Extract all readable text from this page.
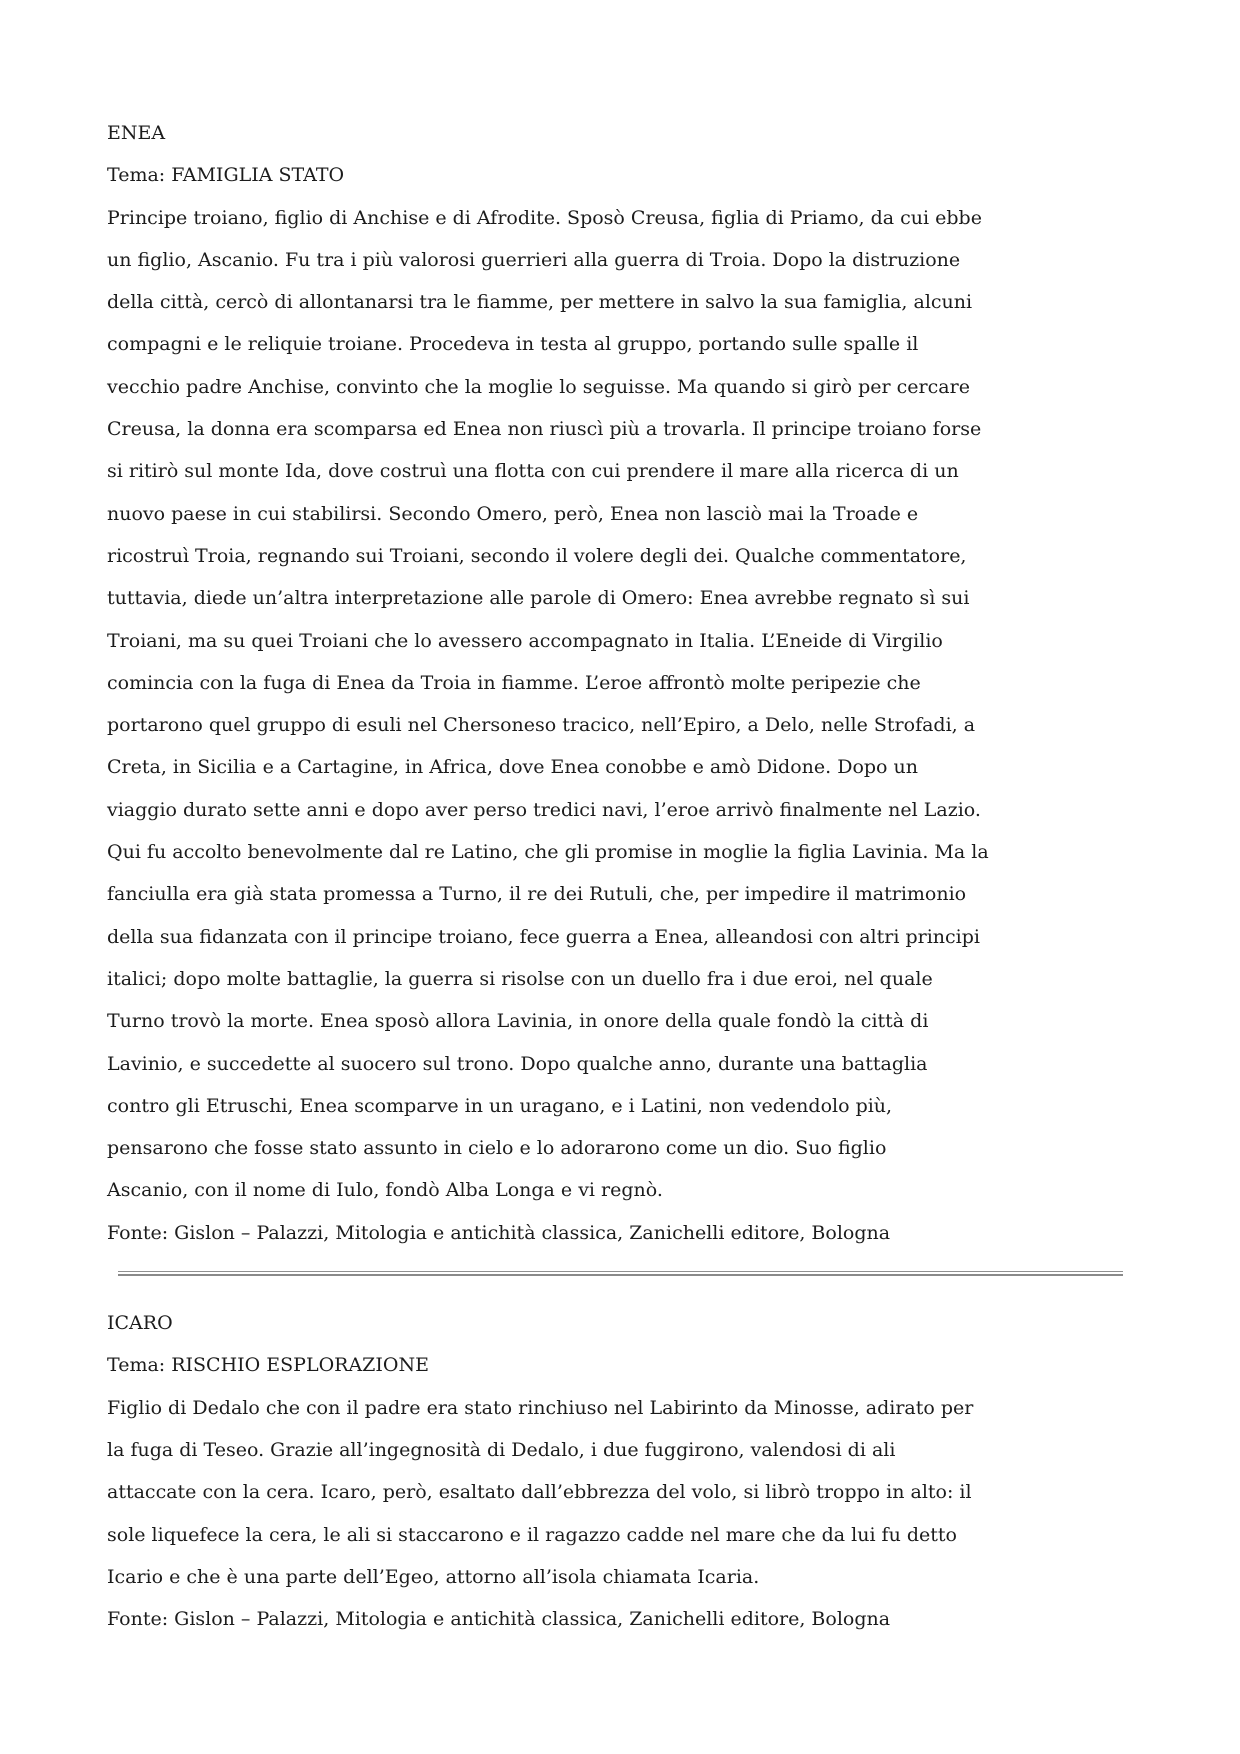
ENEA
Tema: FAMIGLIA STATO
Principe troiano, figlio di Anchise e di Afrodite. Sposò Creusa, figlia di Priamo, da cui ebbe
un figlio, Ascanio. Fu tra i più valorosi guerrieri alla guerra di Troia. Dopo la distruzione
della città, cercò di allontanarsi tra le fiamme, per mettere in salvo la sua famiglia, alcuni
compagni e le reliquie troiane. Procedeva in testa al gruppo, portando sulle spalle il
vecchio padre Anchise, convinto che la moglie lo seguisse. Ma quando si girò per cercare
Creusa, la donna era scomparsa ed Enea non riuscì più a trovarla. Il principe troiano forse
si ritirò sul monte Ida, dove costruì una flotta con cui prendere il mare alla ricerca di un
nuovo paese in cui stabilirsi. Secondo Omero, però, Enea non lasciò mai la Troade e
ricostruì Troia, regnando sui Troiani, secondo il volere degli dei. Qualche commentatore,
tuttavia, diede un’altra interpretazione alle parole di Omero: Enea avrebbe regnato sì sui
Troiani, ma su quei Troiani che lo avessero accompagnato in Italia. L’Eneide di Virgilio
comincia con la fuga di Enea da Troia in fiamme. L’eroe affrontò molte peripezie che
portarono quel gruppo di esuli nel Chersoneso tracico, nell’Epiro, a Delo, nelle Strofadi, a
Creta, in Sicilia e a Cartagine, in Africa, dove Enea conobbe e amò Didone. Dopo un
viaggio durato sette anni e dopo aver perso tredici navi, l’eroe arrivò finalmente nel Lazio.
Qui fu accolto benevolmente dal re Latino, che gli promise in moglie la figlia Lavinia. Ma la
fanciulla era già stata promessa a Turno, il re dei Rutuli, che, per impedire il matrimonio
della sua fidanzata con il principe troiano, fece guerra a Enea, alleandosi con altri principi
italici; dopo molte battaglie, la guerra si risolse con un duello fra i due eroi, nel quale
Turno trovò la morte. Enea sposò allora Lavinia, in onore della quale fondò la città di
Lavinio, e succedette al suocero sul trono. Dopo qualche anno, durante una battaglia
contro gli Etruschi, Enea scomparve in un uragano, e i Latini, non vedendolo più,
pensarono che fosse stato assunto in cielo e lo adorarono come un dio. Suo figlio
Ascanio, con il nome di Iulo, fondò Alba Longa e vi regnò.
Fonte: Gislon – Palazzi, Mitologia e antichità classica, Zanichelli editore, Bologna
ICARO
Tema: RISCHIO ESPLORAZIONE
Figlio di Dedalo che con il padre era stato rinchiuso nel Labirinto da Minosse, adirato per
la fuga di Teseo. Grazie all’ingegnosità di Dedalo, i due fuggirono, valendosi di ali
attaccate con la cera. Icaro, però, esaltato dall’ebbrezza del volo, si librò troppo in alto: il
sole liquefece la cera, le ali si staccarono e il ragazzo cadde nel mare che da lui fu detto
Icario e che è una parte dell’Egeo, attorno all’isola chiamata Icaria.
Fonte: Gislon – Palazzi, Mitologia e antichità classica, Zanichelli editore, Bologna
